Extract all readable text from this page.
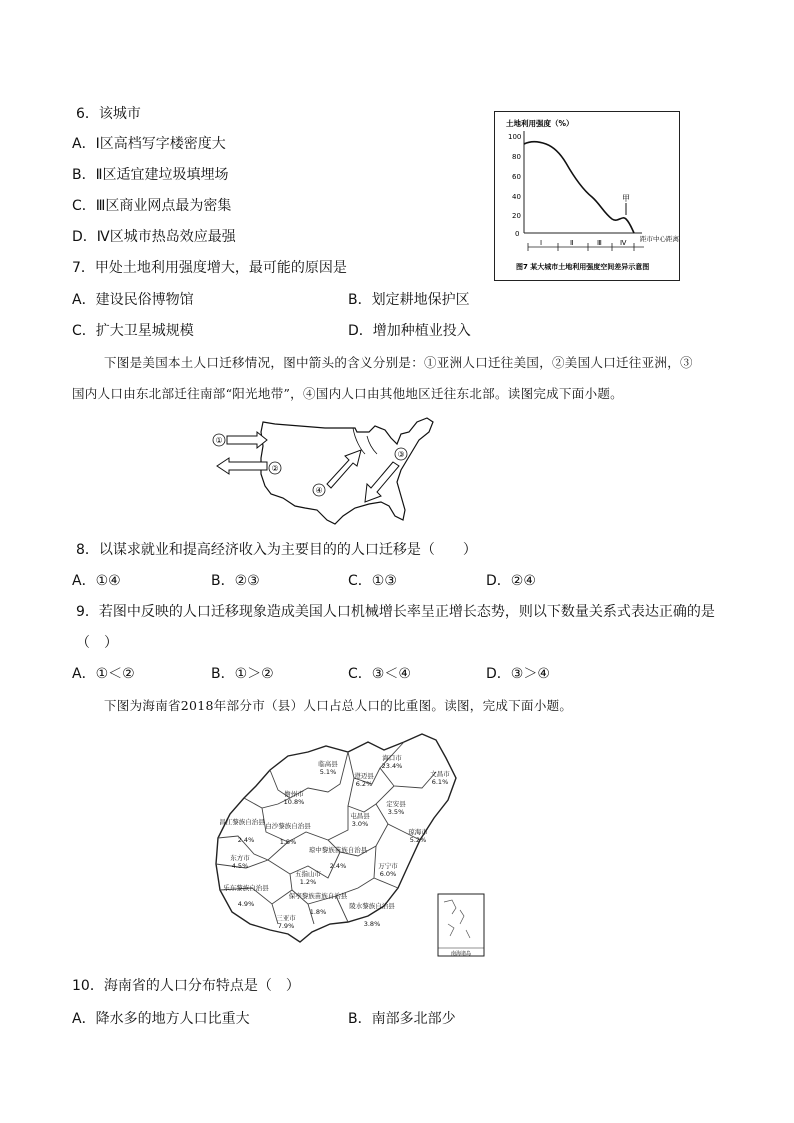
6．该城市
A．Ⅰ区高档写字楼密度大
B．Ⅱ区适宜建垃圾填埋场
C．Ⅲ区商业网点最为密集
D．Ⅳ区城市热岛效应最强
土地利用强度（%）
100
80
60
40
20
0
甲
Ⅰ	Ⅱ	Ⅲ	Ⅳ 距市中心距离
图7 某大城市土地利用强度空间差异示意图
7．甲处土地利用强度增大，最可能的原因是
A．建设民俗博物馆	B．划定耕地保护区
C．扩大卫星城规模	D．增加种植业投入
下图是美国本土人口迁移情况，图中箭头的含义分别是：①亚洲人口迁往美国，②美国人口迁往亚洲，③
国内人口由东北部迁往南部“阳光地带”，④国内人口由其他地区迁往东北部。读图完成下面小题。
①
②
③
④
8．以谋求就业和提高经济收入为主要目的的人口迁移是（　　）
A．①④	B．②③	C．①③	D．②④
9．若图中反映的人口迁移现象造成美国人口机械增长率呈正增长态势，则以下数量关系式表达正确的是
（　）
A．①＜②	B．①＞②	C．③＜④	D．③＞④
下图为海南省2018年部分市（县）人口占总人口的比重图。读图，完成下面小题。
临高县
5.1%
海口市
23.4%
澄迈县
6.2%
文昌市
6.1%
儋州市
10.8%	定安县
3.5%
昌江黎族自治县
2.4%
白沙黎族自治县
1.8%
屯昌县
3.0%
琼海市
5.2%
东方市
4.5%
琼中黎族苗族自治县
2.4%
五指山市
1.2%
万宁市
6.0%
乐东黎族自治县
4.9%
保亭黎族苗族自治县
1.8%
三亚市
7.9%
陵水黎族自治县
3.8%
南海诸岛
10．海南省的人口分布特点是（　）
A．降水多的地方人口比重大	B．南部多北部少
